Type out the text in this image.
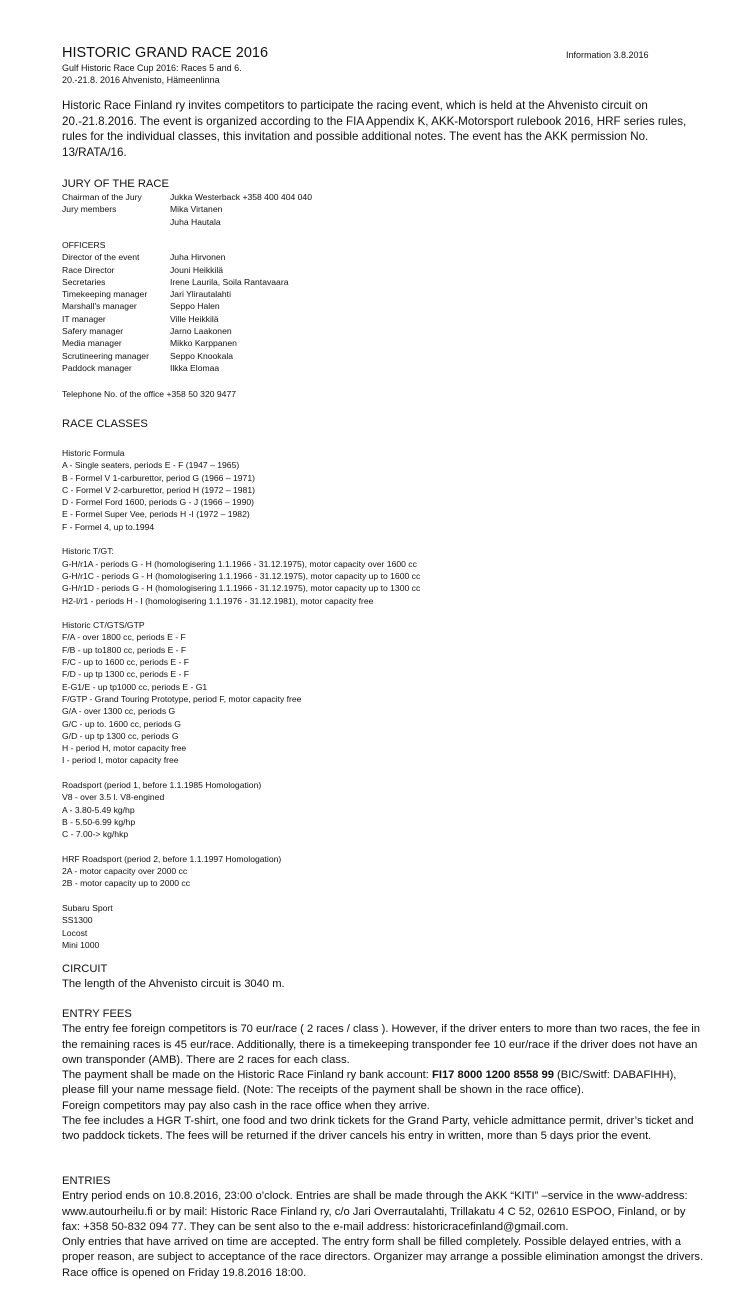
HISTORIC GRAND RACE 2016
Gulf Historic Race Cup 2016: Races 5 and 6.
20.-21.8. 2016 Ahvenisto, Hämeenlinna
Historic Race Finland ry invites competitors to participate the racing event, which is held at the Ahvenisto circuit on 20.-21.8.2016. The event is organized according to the FIA Appendix K, AKK-Motorsport rulebook 2016, HRF series rules, rules for the individual classes, this invitation and possible additional notes. The event has the AKK permission No. 13/RATA/16.
JURY OF THE RACE
Chairman of the Jury	Jukka Westerback +358 400 404 040
Jury members	Mika Virtanen
Juha Hautala
OFFICERS
Director of the event	Juha Hirvonen
Race Director	Jouni Heikkilä
Secretaries	Irene Laurila, Soila Rantavaara
Timekeeping manager	Jari Ylirautalahti
Marshall's manager	Seppo Halen
IT manager	Ville Heikkilä
Safery manager	Jarno Laakonen
Media manager	Mikko Karppanen
Scrutineering manager	Seppo Knookala
Paddock manager	Ilkka Elomaa
Telephone No. of the office +358 50 320 9477
RACE CLASSES
Historic Formula
A - Single seaters, periods E - F (1947 – 1965)
B - Formel V 1-carburettor, period G (1966 – 1971)
C - Formel V 2-carburettor, period H (1972 – 1981)
D - Formel Ford 1600, periods G - J (1966 – 1990)
E - Formel Super Vee, periods H -I (1972 – 1982)
F - Formel 4, up to.1994
Historic T/GT:
G-H/r1A - periods G - H (homologisering 1.1.1966 - 31.12.1975), motor capacity over 1600 cc
G-H/r1C - periods G - H (homologisering 1.1.1966 - 31.12.1975), motor capacity up to 1600 cc
G-H/r1D - periods G - H (homologisering 1.1.1966 - 31.12.1975), motor capacity up to 1300 cc
H2-I/r1 - periods H - I (homologisering 1.1.1976 - 31.12.1981), motor capacity free
Historic CT/GTS/GTP
F/A - over 1800 cc, periods E - F
F/B - up to1800 cc, periods E - F
F/C - up to 1600 cc, periods E - F
F/D - up tp 1300 cc, periods E - F
E-G1/E - up tp1000 cc, periods E - G1
F/GTP - Grand Touring Prototype, period F, motor capacity free
G/A - over 1300 cc, periods G
G/C - up to. 1600 cc, periods G
G/D - up tp 1300 cc, periods G
H - period H, motor capacity free
I - period I, motor capacity free
Roadsport (period 1, before 1.1.1985 Homologation)
V8 - over 3.5 l. V8-engined
A - 3.80-5.49 kg/hp
B - 5.50-6.99 kg/hp
C - 7.00-> kg/hkp
HRF Roadsport (period 2, before 1.1.1997 Homologation)
2A - motor capacity over 2000 cc
2B - motor capacity up to 2000 cc
Subaru Sport
SS1300
Locost
Mini 1000

CIRCUIT

The length of the Ahvenisto circuit is 3040 m.

ENTRY FEES

The entry fee foreign competitors is 70 eur/race ( 2 races / class ). However, if the driver enters to more than two races, the fee in the remaining races is 45 eur/race. Additionally, there is a timekeeping transponder fee 10 eur/race if the driver does not have an own transponder (AMB). There are 2 races for each class.

The payment shall be made on the Historic Race Finland ry bank account: FI17 8000 1200 8558 99 (BIC/Switf: DABAFIHH), please fill your name message field. (Note: The receipts of the payment shall be shown in the race office).

Foreign competitors may pay also cash in the race office when they arrive.

The fee includes a HGR T-shirt, one food and two drink tickets for the Grand Party, vehicle admittance permit, driver’s ticket and two paddock tickets. The fees will be returned if the driver cancels his entry in written, more than 5 days prior the event.

ENTRIES

Entry period ends on 10.8.2016, 23:00 o’clock. Entries are shall be made through the AKK “KITI” –service in the www-address: www.autourheilu.fi or by mail: Historic Race Finland ry, c/o Jari Overrautalahti, Trillakatu 4 C 52, 02610 ESPOO, Finland, or by fax: +358 50-832 094 77. They can be sent also to the e-mail address: historicracefinland@gmail.com.

Only entries that have arrived on time are accepted. The entry form shall be filled completely. Possible delayed entries, with a proper reason, are subject to acceptance of the race directors. Organizer may arrange a possible elimination amongst the drivers. Race office is opened on Friday 19.8.2016 18:00.

Information 3.8.2016
